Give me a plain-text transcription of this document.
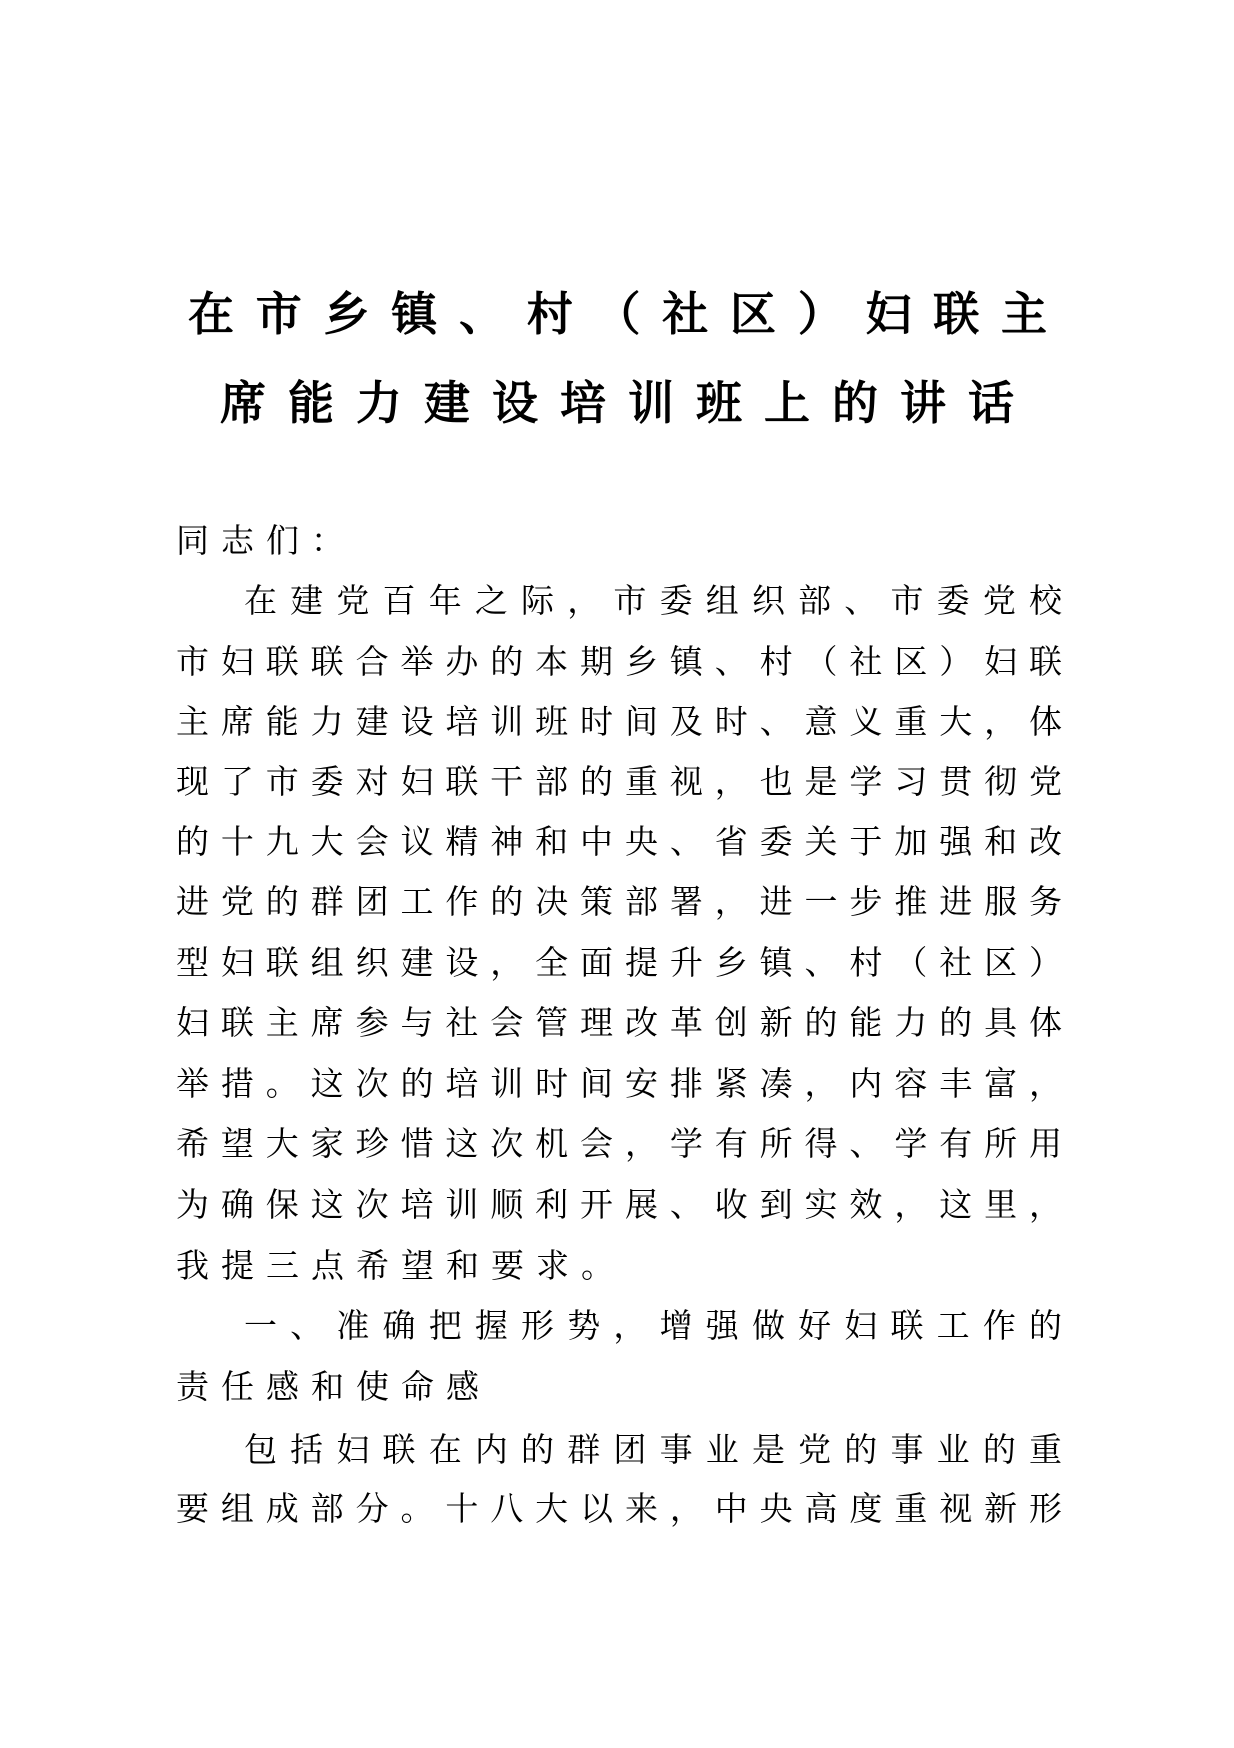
在市乡镇、村（社区）妇联主
席能力建设培训班上的讲话
同志们：
在建党百年之际，市委组织部、市委党校
市妇联联合举办的本期乡镇、村（社区）妇联
主席能力建设培训班时间及时、意义重大，体
现了市委对妇联干部的重视，也是学习贯彻党
的十九大会议精神和中央、省委关于加强和改
进党的群团工作的决策部署，进一步推进服务
型妇联组织建设，全面提升乡镇、村（社区）
妇联主席参与社会管理改革创新的能力的具体
举措。这次的培训时间安排紧凑，内容丰富，
希望大家珍惜这次机会，学有所得、学有所用
为确保这次培训顺利开展、收到实效，这里，
我提三点希望和要求。
一、准确把握形势，增强做好妇联工作的
责任感和使命感
包括妇联在内的群团事业是党的事业的重
要组成部分。十八大以来，中央高度重视新形
